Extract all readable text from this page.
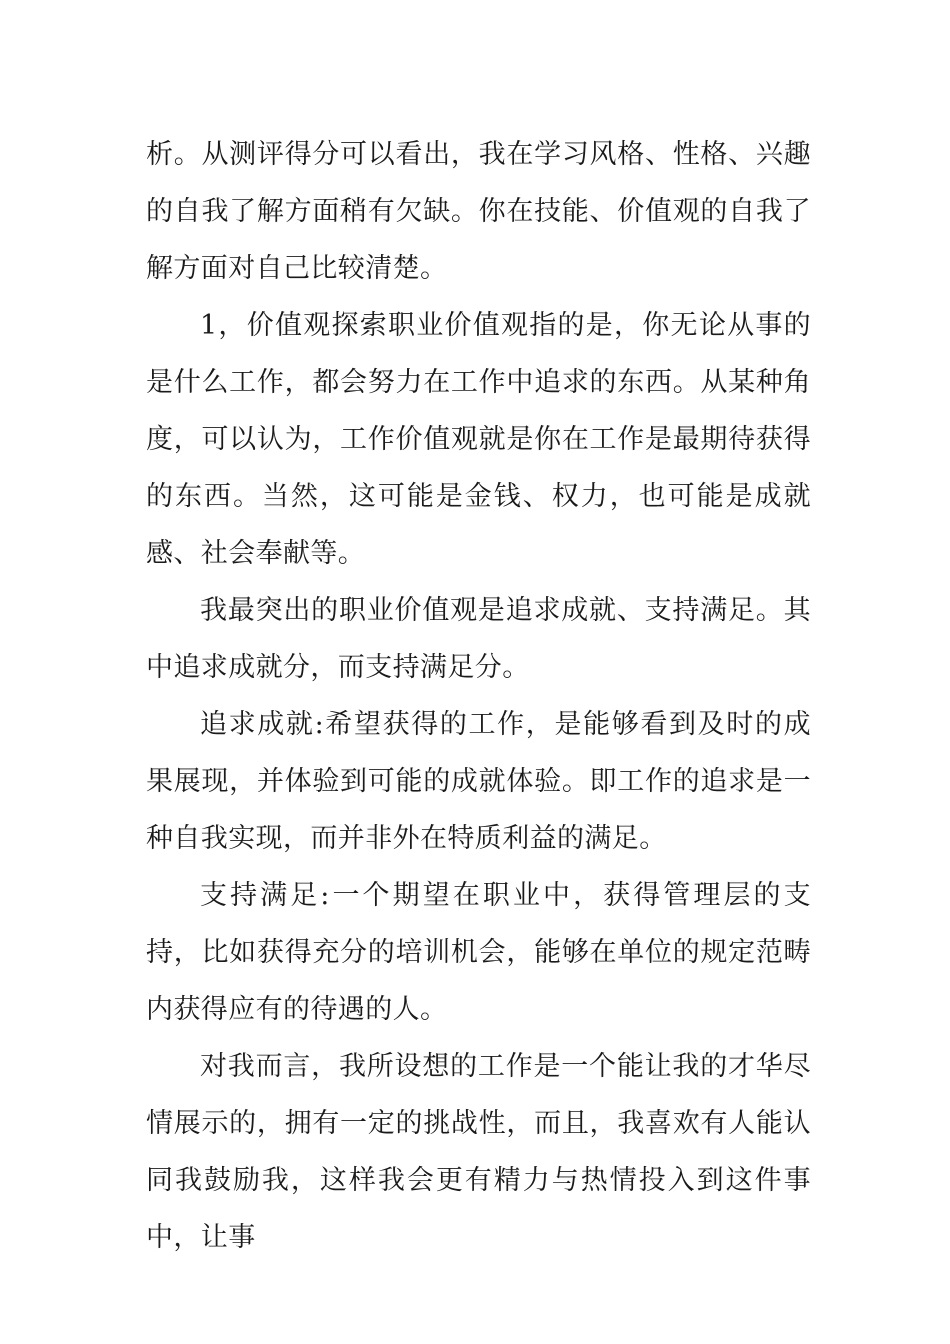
析。从测评得分可以看出，我在学习风格、性格、兴趣的自我了解方面稍有欠缺。你在技能、价值观的自我了解方面对自己比较清楚。

1，价值观探索职业价值观指的是，你无论从事的是什么工作，都会努力在工作中追求的东西。从某种角度，可以认为，工作价值观就是你在工作是最期待获得的东西。当然，这可能是金钱、权力，也可能是成就感、社会奉献等。

我最突出的职业价值观是追求成就、支持满足。其中追求成就分，而支持满足分。

追求成就:希望获得的工作，是能够看到及时的成果展现，并体验到可能的成就体验。即工作的追求是一种自我实现，而并非外在特质利益的满足。

支持满足:一个期望在职业中，获得管理层的支持，比如获得充分的培训机会，能够在单位的规定范畴内获得应有的待遇的人。

对我而言，我所设想的工作是一个能让我的才华尽情展示的，拥有一定的挑战性，而且，我喜欢有人能认同我鼓励我，这样我会更有精力与热情投入到这件事中，让事
